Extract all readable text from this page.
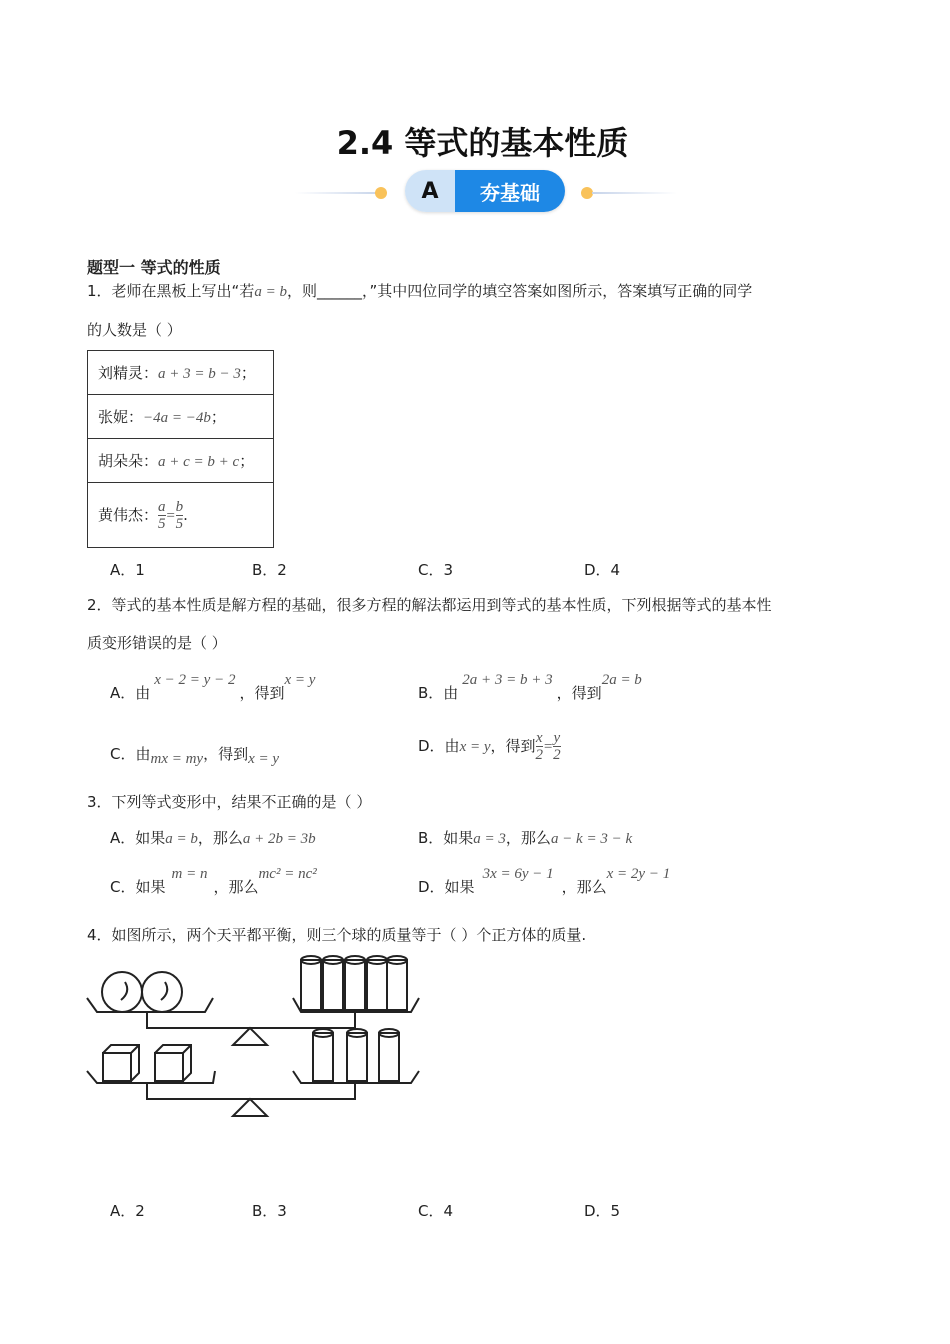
2.4 等式的基本性质
A	夯基础
题型一 等式的性质
1．老师在黑板上写出“若a = b，则______，”其中四位同学的填空答案如图所示，答案填写正确的同学
的人数是（ ）
刘精灵：a + 3 = b − 3；
张妮：−4a = −4b；
胡朵朵：a + c = b + c；
黄伟杰： $\frac{a}{5} = \frac{b}{5}$ .
A．1	B．2	C．3	D．4
2．等式的基本性质是解方程的基础，很多方程的解法都运用到等式的基本性质，下列根据等式的基本性
质变形错误的是（ ）
A．由x − 2 = y − 2，得到x = y
B．由2a + 3 = b + 3，得到2a = b
C．由mx = my，得到x = y
D．由x = y，得到 $\frac{x}{2} = \frac{y}{2}$
3．下列等式变形中，结果不正确的是（ ）
A．如果a = b，那么a + 2b = 3b	B．如果a = 3，那么a − k = 3 − k
C．如果m = n，那么mc² = nc²
D．如果3x = 6y − 1，那么x = 2y − 1
4．如图所示，两个天平都平衡，则三个球的质量等于（ ）个正方体的质量.
A．2	B．3	C．4	D．5
